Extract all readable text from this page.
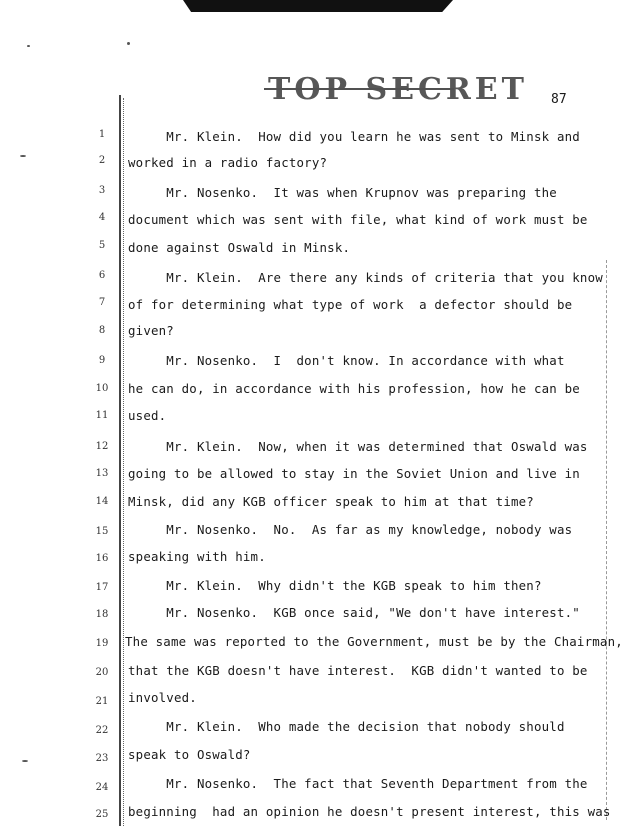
TOP SECRET 87
1	Mr. Klein.  How did you learn he was sent to Minsk and
2	worked in a radio factory?
3	Mr. Nosenko.  It was when Krupnov was preparing the
4	document which was sent with file, what kind of work must be
5	done against Oswald in Minsk.
6	Mr. Klein.  Are there any kinds of criteria that you know
7	of for determining what type of work  a defector should be
8	given?
9	Mr. Nosenko.  I  don't know. In accordance with what
10 he can do, in accordance with his profession, how he can be
11 used.
12 Mr. Klein.  Now, when it was determined that Oswald was
13 going to be allowed to stay in the Soviet Union and live in
14 Minsk, did any KGB officer speak to him at that time?
15 Mr. Nosenko.  No.  As far as my knowledge, nobody was
16 speaking with him.
17 Mr. Klein.  Why didn't the KGB speak to him then?
18 Mr. Nosenko.  KGB once said, "We don't have interest."
19 The same was reported to the Government, must be by the Chairman,
20 that the KGB doesn't have interest.  KGB didn't wanted to be
21 involved.
22 Mr. Klein.  Who made the decision that nobody should
23 speak to Oswald?
24 Mr. Nosenko.  The fact that Seventh Department from the
25 beginning  had an opinion he doesn't present interest, this was
